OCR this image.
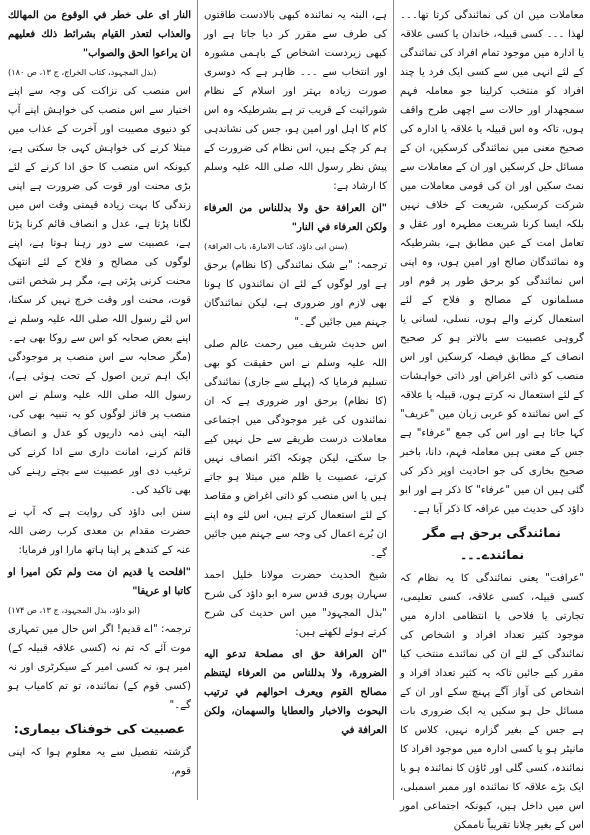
معاملات میں ان کی نمائندگی کرتا تھا۔۔۔ لھذا ۔۔۔ کسی قبیلہ، خاندان یا کسی علاقہ یا ادارہ میں موجود تمام افراد کی نمائندگی کے لئے انہی میں سے کسی ایک فرد یا چند افراد کو منتخب کرلینا جو معاملہ فہم سمجھدار اور حالات سے اچھی طرح واقف ہوں، تاکہ وہ اس قبیلہ یا علاقہ یا ادارہ کی صحیح معنی میں نمائندگی کرسکیں، ان کے مسائل حل کرسکیں اور ان کے معاملات سے نمٹ سکیں اور ان کی قومی معاملات میں شرکت کرسکیں، شریعت کے خلاف نہیں بلکہ ایسا کرنا شریعت مطہرہ اور عقل و تعامل امت کے عین مطابق ہے، بشرطیکہ وہ نمائندگان صالح اور امین ہوں، وہ اپنی اس نمائندگی کو برحق طور پر قوم اور مسلمانوں کے مصالح و فلاح کے لئے استعمال کرنے والے ہوں، نسلی، لسانی یا گروہی عصبیت سے بالاتر ہو کر صحیح انصاف کے مطابق فیصلہ کرسکیں اور اس منصب کو ذاتی اغراض اور ذاتی خواہشات کے لئے استعمال نہ کرتے ہوں، قبیلہ یا علاقہ کے اس نمائندہ کو عربی زبان میں "عریف" کہا جاتا ہے اور اس کی جمع "عرفاء" ہے جس کے معنی ہیں معاملہ فہم، دانا، باخبر صحیح بخاری کی جو احادیث اوپر ذکر کی گئی ہیں ان میں "عرفاء" کا ذکر ہے اور ابو داؤد کی حدیث میں عرافہ کا ذکر آیا ہے۔

نمائندگی برحق ہے مگر نمائندے۔۔۔

"عرافت" یعنی نمائندگی کا یہ نظام کہ کسی قبیلہ، کسی علاقہ، کسی تعلیمی، تجارتی یا فلاحی یا انتظامی ادارہ میں موجود کثیر تعداد افراد و اشخاص کی نمائندگی کے لئے ان کی نمائندے منتخب کیا مقرر کیے جائیں تاکہ یہ کثیر تعداد افراد و اشخاص کی آواز آگے پہنچ سکے اور ان کے مسائل حل ہو سکیں یہ ایک ضروری بات ہے جس کے بغیر گزارہ نہیں، کلاس کا مانیٹر ہو یا کسی ادارہ میں موجود افراد کا نمائندہ، کسی گلی اور ٹاؤن کا نمائندہ ہو یا ایک بڑے علاقہ کا نمائندہ اور ممبر اسمبلی، اس میں داخل ہیں، کیونکہ اجتماعی امور اس کے بغیر چلانا تقریباً ناممکن

ہے، البتہ یہ نمائندہ کبھی بالادست طاقتوں کی طرف سے مقرر کر دیا جاتا ہے اور کبھی زیردست اشخاص کے باہمی مشورہ اور انتخاب سے ۔۔۔ ظاہر ہے کہ دوسری صورت زیادہ بہتر اور اسلام کے نظام شورائیت کے قریب تر ہے بشرطیکہ وہ اس کام کا اہل اور امین ہو، جس کی نشاندہی ہم کر چکے ہیں، اس نظام کی ضرورت کے پیش نظر رسول اللہ صلی اللہ علیہ وسلم کا ارشاد ہے:

"ان العرافة حق ولا بدللناس من العرفاء ولكن العرفاء في النار"

(سنن ابی داؤد، کتاب الامارۃ، باب العرافۃ)

ترجمہ: "بے شک نمائندگی (کا نظام) برحق ہے اور لوگوں کے لئے ان نمائندوں کا ہونا بھی لازم اور ضروری ہے، لیکن نمائندگان جہنم میں جائیں گے۔"

اس حدیث شریف میں رحمت عالم صلی اللہ علیہ وسلم نے اس حقیقت کو بھی تسلیم فرمایا کہ (پہلے سے جاری) نمائندگی (کا نظام) برحق اور ضروری ہے کہ ان نمائندوں کی غیر موجودگی میں اجتماعی معاملات درست طریقے سے حل نہیں کیے جا سکتے، لیکن چونکہ اکثر انصاف نہیں کرتے، عصبیت یا ظلم میں مبتلا ہو جاتے ہیں یا اس منصب کو ذاتی اغراض و مقاصد کے لئے استعمال کرتے ہیں، اس لئے وہ اپنے ان بُرے اعمال کی وجہ سے جہنم میں جائیں گے۔

شیخ الحدیث حضرت مولانا خلیل احمد سہارن پوری قدس سرہ ابو داؤد کی شرح "بذل المجہود" میں اس حدیث کی شرح کرتے ہوئے لکھتے ہیں:

"ان العرافة حق اى مصلحة تدعو اليه الضرورة، ولا بدللناس من العرفاء ليتنظم مصالح القوم ويعرف احوالهم في ترتيب البحوث والاخبار والعطايا والسهمان، ولكن العرافة في

النار اى على خطر في الوقوع من المهالك والعذاب لتعذر القيام بشرائط ذلك فعليهم ان يراعوا الحق والصواب"

(بذل المجہود، کتاب الخراج، ج ۱۳، ص ۱۸۰)

اس منصب کی نزاکت کی وجہ سے اپنے اختیار سے اس منصب کی خواہش اپنے آپ کو دنیوی مصیبت اور آخرت کے عذاب میں مبتلا کرنے کی خواہش کہی جا سکتی ہے، کیونکہ اس منصب کا حق ادا کرنے کے لئے بڑی محنت اور قوت کی ضرورت ہے اپنی زندگی کا بہت زیادہ قیمتی وقت اس میں لگانا پڑتا ہے، عدل و انصاف قائم کرنا پڑتا ہے، عصبیت سے دور رہنا ہوتا ہے، اپنے لوگوں کی مصالح و فلاح کے لئے انتھک محنت کرنی پڑتی ہے، مگر ہر شخص اتنی قوت، محنت اور وقت خرچ نہیں کر سکتا، اس لئے رسول اللہ صلی اللہ علیہ وسلم نے اپنے بعض صحابہ کو اس سے روکا بھی ہے۔ (مگر صحابہ سے اس منصب پر موجودگی ایک اہم ترین اصول کے تحت ہوئی ہے)، رسول اللہ صلی اللہ علیہ وسلم نے اس منصب پر فائز لوگوں کو یہ تنبیہ بھی کی، البتہ اپنی ذمہ داریوں کو عدل و انصاف قائم کرنے، امانت داری سے ادا کرنے کی ترغیب دی اور عصبیت سے بچتے رہنے کی بھی تاکید کی۔

سنن ابی داؤد کی روایت ہے کہ آپ نے حضرت مقدام بن معدی کرب رضی اللہ عنہ کے کندھے پر اپنا ہاتھ مارا اور فرمایا:

"افلحت يا قديم ان مت ولم تكن اميرا او كاتبا او عريفا"

(ابو داؤد، بذل المجہود، ج ۱۳، ص ۱۷۴)

ترجمہ: "اے قدیم! اگر اس حال میں تمہاری موت آئے کہ تم نہ (کسی علاقہ قبیلہ کے) امیر ہو، نہ کسی امیر کے سیکرٹری اور نہ (کسی قوم کے) نمائندہ، تو تم کامیاب ہو گے۔"

عصبیت کی خوفناک بیماری:

گزشتہ تفصیل سے یہ معلوم ہوا کہ اپنی قوم،
